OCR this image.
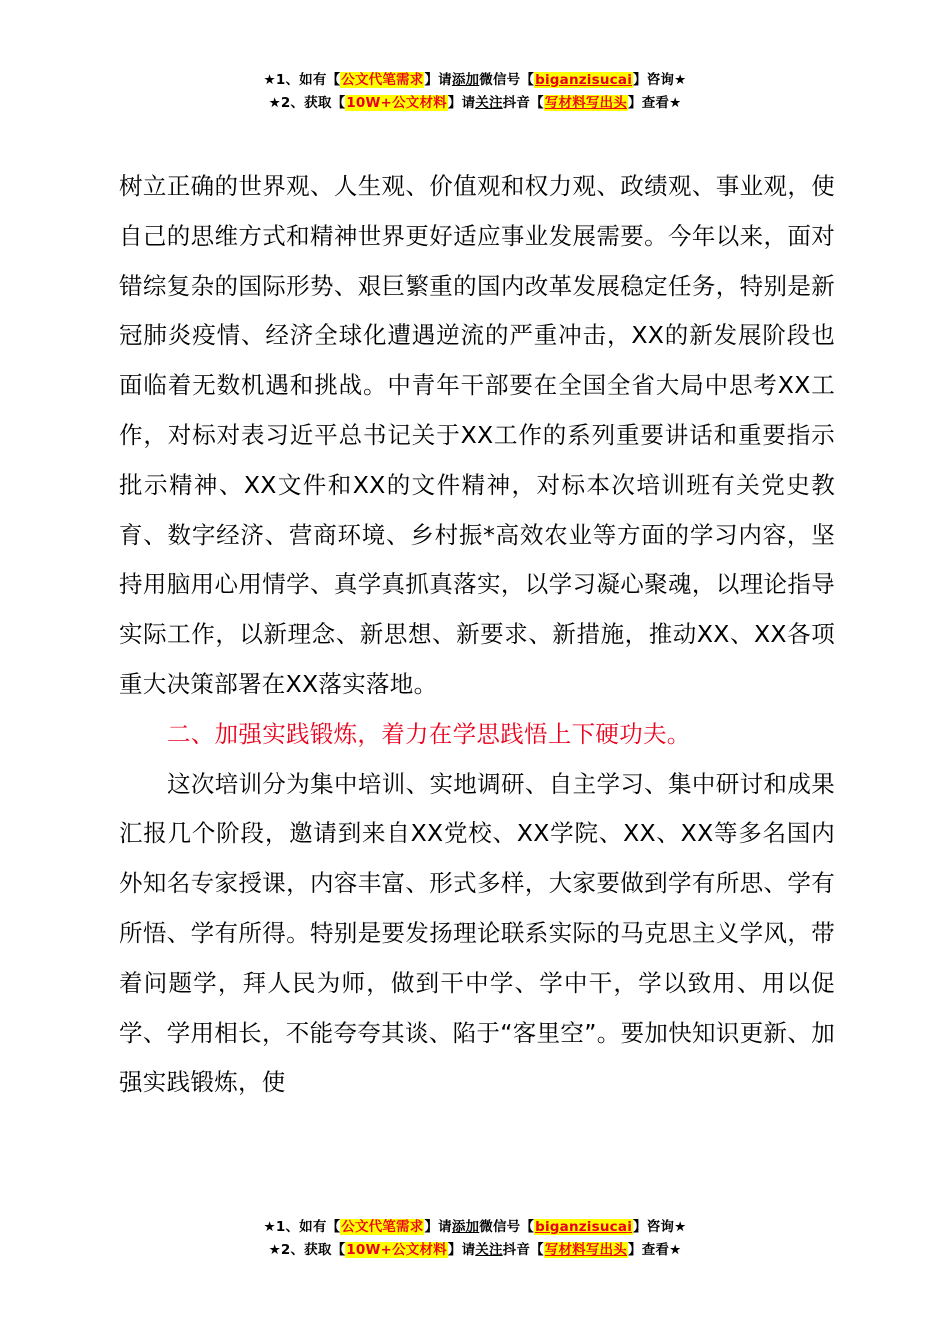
★1、如有【公文代笔需求】请添加微信号【biganzisucai】咨询★
★2、获取【10W+公文材料】请关注抖音【写材料写出头】查看★

树立正确的世界观、人生观、价值观和权力观、政绩观、事业观，使自己的思维方式和精神世界更好适应事业发展需要。今年以来，面对错综复杂的国际形势、艰巨繁重的国内改革发展稳定任务，特别是新冠肺炎疫情、经济全球化遭遇逆流的严重冲击，XX的新发展阶段也面临着无数机遇和挑战。中青年干部要在全国全省大局中思考XX工作，对标对表习近平总书记关于XX工作的系列重要讲话和重要指示批示精神、XX文件和XX的文件精神，对标本次培训班有关党史教育、数字经济、营商环境、乡村振*高效农业等方面的学习内容，坚持用脑用心用情学、真学真抓真落实，以学习凝心聚魂，以理论指导实际工作，以新理念、新思想、新要求、新措施，推动XX、XX各项重大决策部署在XX落实落地。

二、加强实践锻炼，着力在学思践悟上下硬功夫。

这次培训分为集中培训、实地调研、自主学习、集中研讨和成果汇报几个阶段，邀请到来自XX党校、XX学院、XX、XX等多名国内外知名专家授课，内容丰富、形式多样，大家要做到学有所思、学有所悟、学有所得。特别是要发扬理论联系实际的马克思主义学风，带着问题学，拜人民为师，做到干中学、学中干，学以致用、用以促学、学用相长，不能夸夸其谈、陷于“客里空”。要加快知识更新、加强实践锻炼，使

★1、如有【公文代笔需求】请添加微信号【biganzisucai】咨询★
★2、获取【10W+公文材料】请关注抖音【写材料写出头】查看★
